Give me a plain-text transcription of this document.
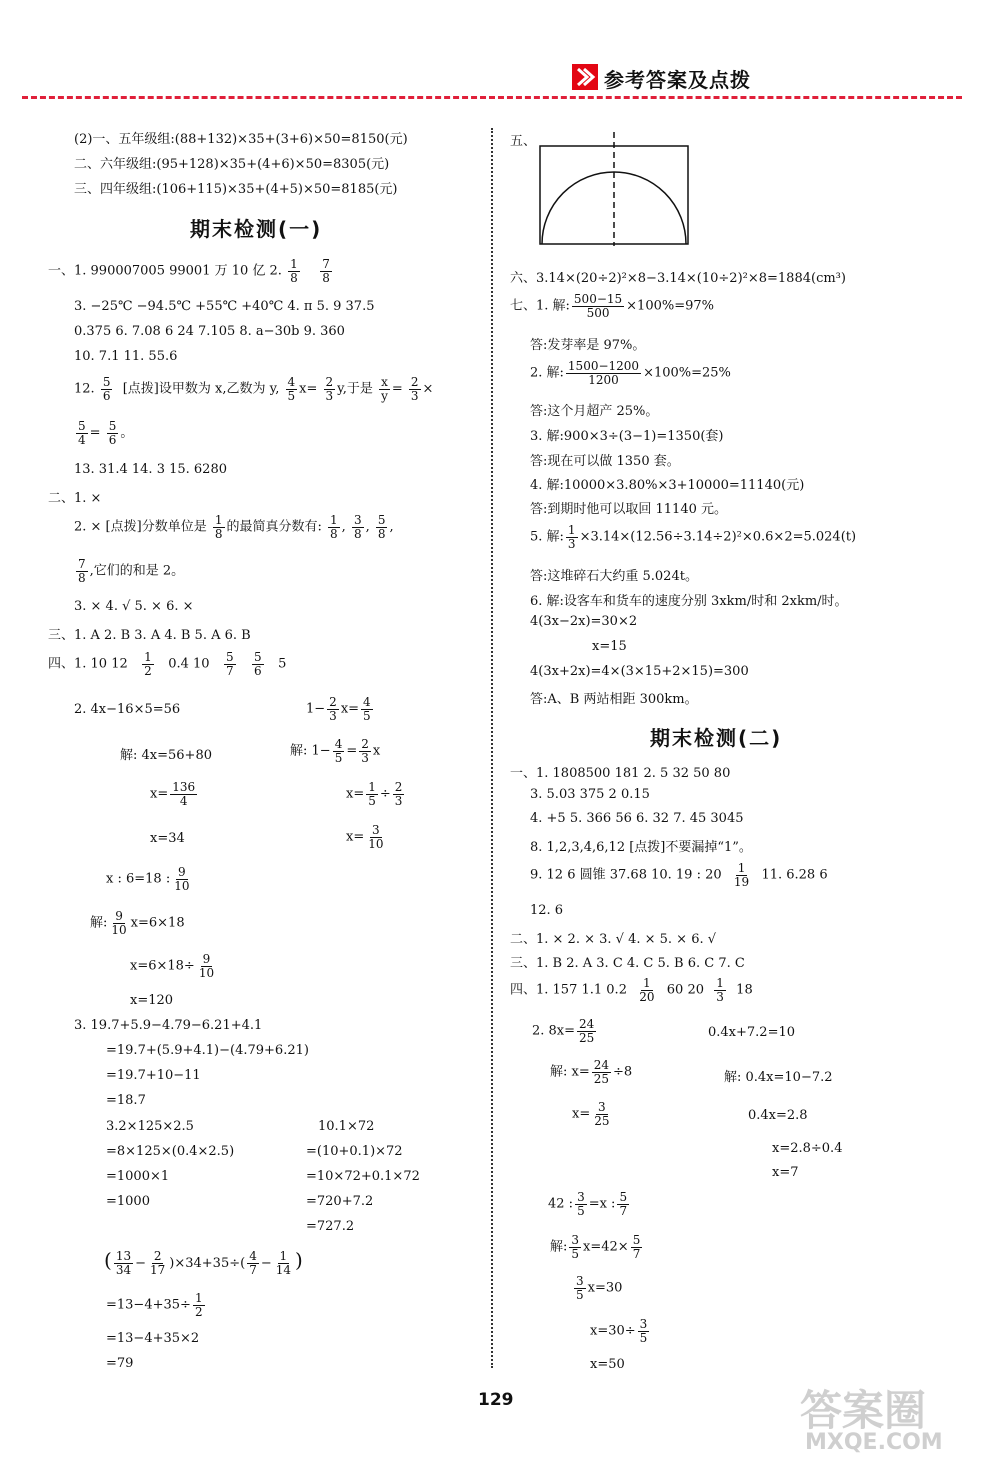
参考答案及点拨
(2)一、五年级组:(88+132)×35+(3+6)×50=8150(元)
二、六年级组:(95+128)×35+(4+6)×50=8305(元)
三、四年级组:(106+115)×35+(4+5)×50=8185(元)
期末检测(一)
一、1. 990007005 99001 万 10 亿 2. $\frac{1}{8}$
$\frac{7}{8}$
3. −25℃ −94.5℃ +55℃ +40℃ 4. π 5. 9 37.5
0.375 6. 7.08 6 24 7.105 8. a−30b 9. 360
10. 7.1 11. 55.6
12. $\frac{5}{6}$ [点拨]设甲数为 x,乙数为 y, $\frac{4}{5} x= \frac{2}{3} y$,于是 $\frac{x}{y} = \frac{2}{3}$ ×
$\frac{5}{4} = \frac{5}{6}$ 。
13. 31.4 14. 3 15. 6280
二、1. ×
2. × [点拨]分数单位是 $\frac{1}{8}$ 的最简真分数有: $\frac{1}{8}$ , $\frac{3}{8}$ , $\frac{5}{8}$ ,
$\frac{7}{8}$ ,它们的和是 2。
3. × 4. √ 5. × 6. ×
三、1. A 2. B 3. A 4. B 5. A 6. B
四、1. 10 $12 \frac{1}{2} 0.4$ $10 \frac{5}{7}$
$\frac{5}{6} 5$
2. 4x−16×5=56
解: 4x=56+80
$x= \frac{136}{4}$
x=34
$1- \frac{2}{3} x= \frac{4}{5}$
解: $1- \frac{4}{5} = \frac{2}{3}$ x
$x= \frac{1}{5} \div \frac{2}{3}$
$x= \frac{3}{10}$
x : 6=18 : $\frac{9}{10}$
解: $\frac{9}{10} x=6\times 18$
$x=6\times 18\div \frac{9}{10}$
x=120
3. 19.7+5.9−4.79−6.21+4.1
=19.7+(5.9+4.1)−(4.79+6.21)
=19.7+10−11
=18.7
3.2×125×2.5
=8×125×(0.4×2.5)
=1000×1
=1000
10.1×72
=(10+0.1)×72
=10×72+0.1×72
=720+7.2
=727.2
( $\frac{13}{34} - \frac{2}{17} )\times 34+35\div( \frac{4}{7} - \frac{1}{14}$ )
$=13-4+35\div \frac{1}{2}$
=13−4+35×2
=79
五、
六、3.14×(20÷2)²×8−3.14×(10÷2)²×8=1884(cm³)
七、1. 解: $\frac{500-15}{500} \times 100\%=97\%$
答:发芽率是 97%。
2. 解: $\frac{1500-1200}{1200} \times 100\%=25\%$
答:这个月超产 25%。
3. 解:900×3÷(3−1)=1350(套)
答:现在可以做 1350 套。
4. 解:10000×3.80%×3+10000=11140(元)
答:到期时他可以取回 11140 元。
5. 解: $\frac{1}{3} \times 3.14\times(12.56\div 3.14\div 2)^2\times 0.6\times 2=5.024(t)$
答:这堆碎石大约重 5.024t。
6. 解:设客车和货车的速度分别 3xkm/时和 2xkm/时。
4(3x−2x)=30×2
x=15
4(3x+2x)=4×(3×15+2×15)=300
答:A、B 两站相距 300km。
期末检测(二)
一、1. 1808500 181 2. 5 32 50 80
3. 5.03 375 2 0.15
4. +5 5. 366 56 6. 32 7. 45 3045
8. 1,2,3,4,6,12 [点拨]不要漏掉“1”。
9. 12 6 圆锥 37.68 10. 19 : $20 \frac{1}{19} 11$. 6.28 6
12. 6
二、1. × 2. × 3. √ 4. × 5. × 6. √
三、1. B 2. A 3. C 4. C 5. B 6. C 7. C
四、1. 157 1.1 $0.2 \frac{1}{20} 60$ $20 \frac{1}{3} 18$
2. $8x= \frac{24}{25}$
解: $x= \frac{24}{25} \div 8$
$x= \frac{3}{25}$
0.4x+7.2=10
解: 0.4x=10−7.2
0.4x=2.8
x=2.8÷0.4
x=7
42 : $\frac{3}{5} =x$ : $\frac{5}{7}$
解: $\frac{3}{5} x=42\times \frac{5}{7}$
$\frac{3}{5} x=30$
$x=30\div \frac{3}{5}$
x=50
129	答案圈
MXQE.COM
